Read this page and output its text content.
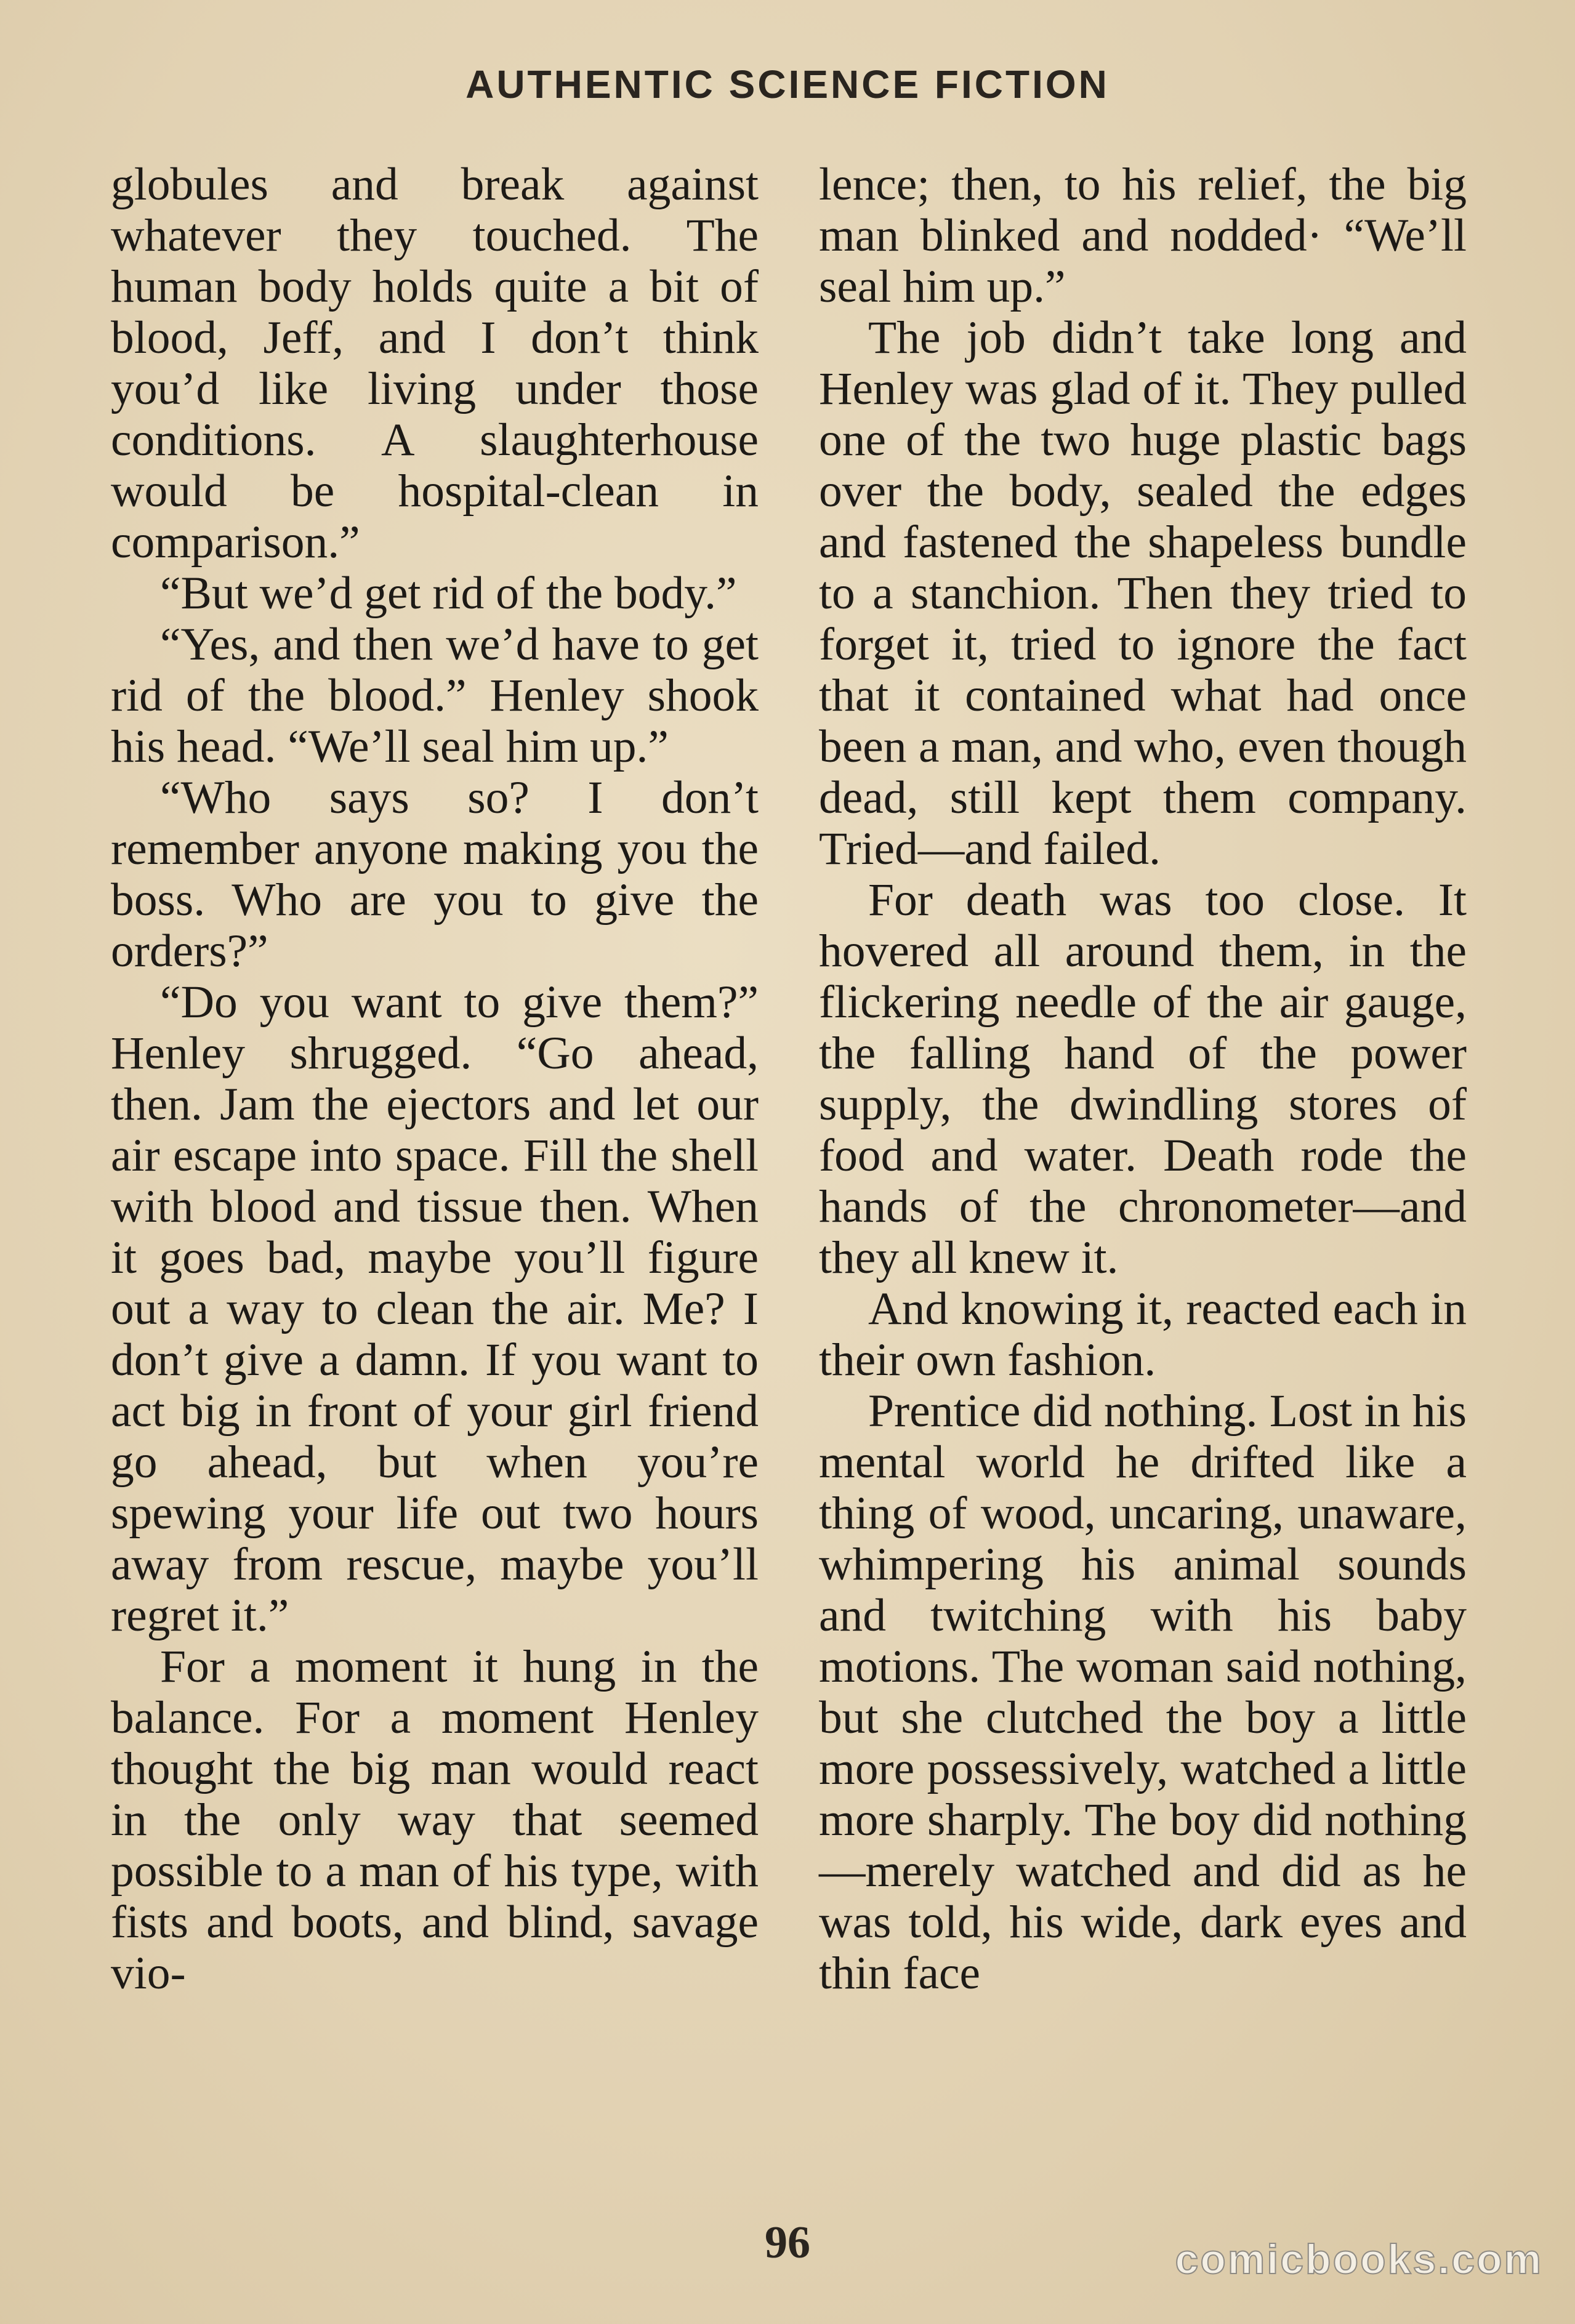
AUTHENTIC SCIENCE FICTION

globules and break against whatever they touched. The human body holds quite a bit of blood, Jeff, and I don’t think you’d like living under those conditions. A slaughterhouse would be hospital-clean in comparison.”

“But we’d get rid of the body.”

“Yes, and then we’d have to get rid of the blood.” Henley shook his head. “We’ll seal him up.”

“Who says so? I don’t remember anyone making you the boss. Who are you to give the orders?”

“Do you want to give them?” Henley shrugged. “Go ahead, then. Jam the ejectors and let our air escape into space. Fill the shell with blood and tissue then. When it goes bad, maybe you’ll figure out a way to clean the air. Me? I don’t give a damn. If you want to act big in front of your girl friend go ahead, but when you’re spewing your life out two hours away from rescue, maybe you’ll regret it.”

For a moment it hung in the balance. For a moment Henley thought the big man would react in the only way that seemed possible to a man of his type, with fists and boots, and blind, savage vio-

lence; then, to his relief, the big man blinked and nodded· “We’ll seal him up.”

The job didn’t take long and Henley was glad of it. They pulled one of the two huge plastic bags over the body, sealed the edges and fastened the shapeless bundle to a stanchion. Then they tried to forget it, tried to ignore the fact that it contained what had once been a man, and who, even though dead, still kept them company. Tried—and failed.

For death was too close. It hovered all around them, in the flickering needle of the air gauge, the falling hand of the power supply, the dwindling stores of food and water. Death rode the hands of the chronometer—and they all knew it.

And knowing it, reacted each in their own fashion.

Prentice did nothing. Lost in his mental world he drifted like a thing of wood, uncaring, unaware, whimpering his animal sounds and twitching with his baby motions. The woman said nothing, but she clutched the boy a little more possessively, watched a little more sharply. The boy did nothing—merely watched and did as he was told, his wide, dark eyes and thin face

96	comicbooks.com
